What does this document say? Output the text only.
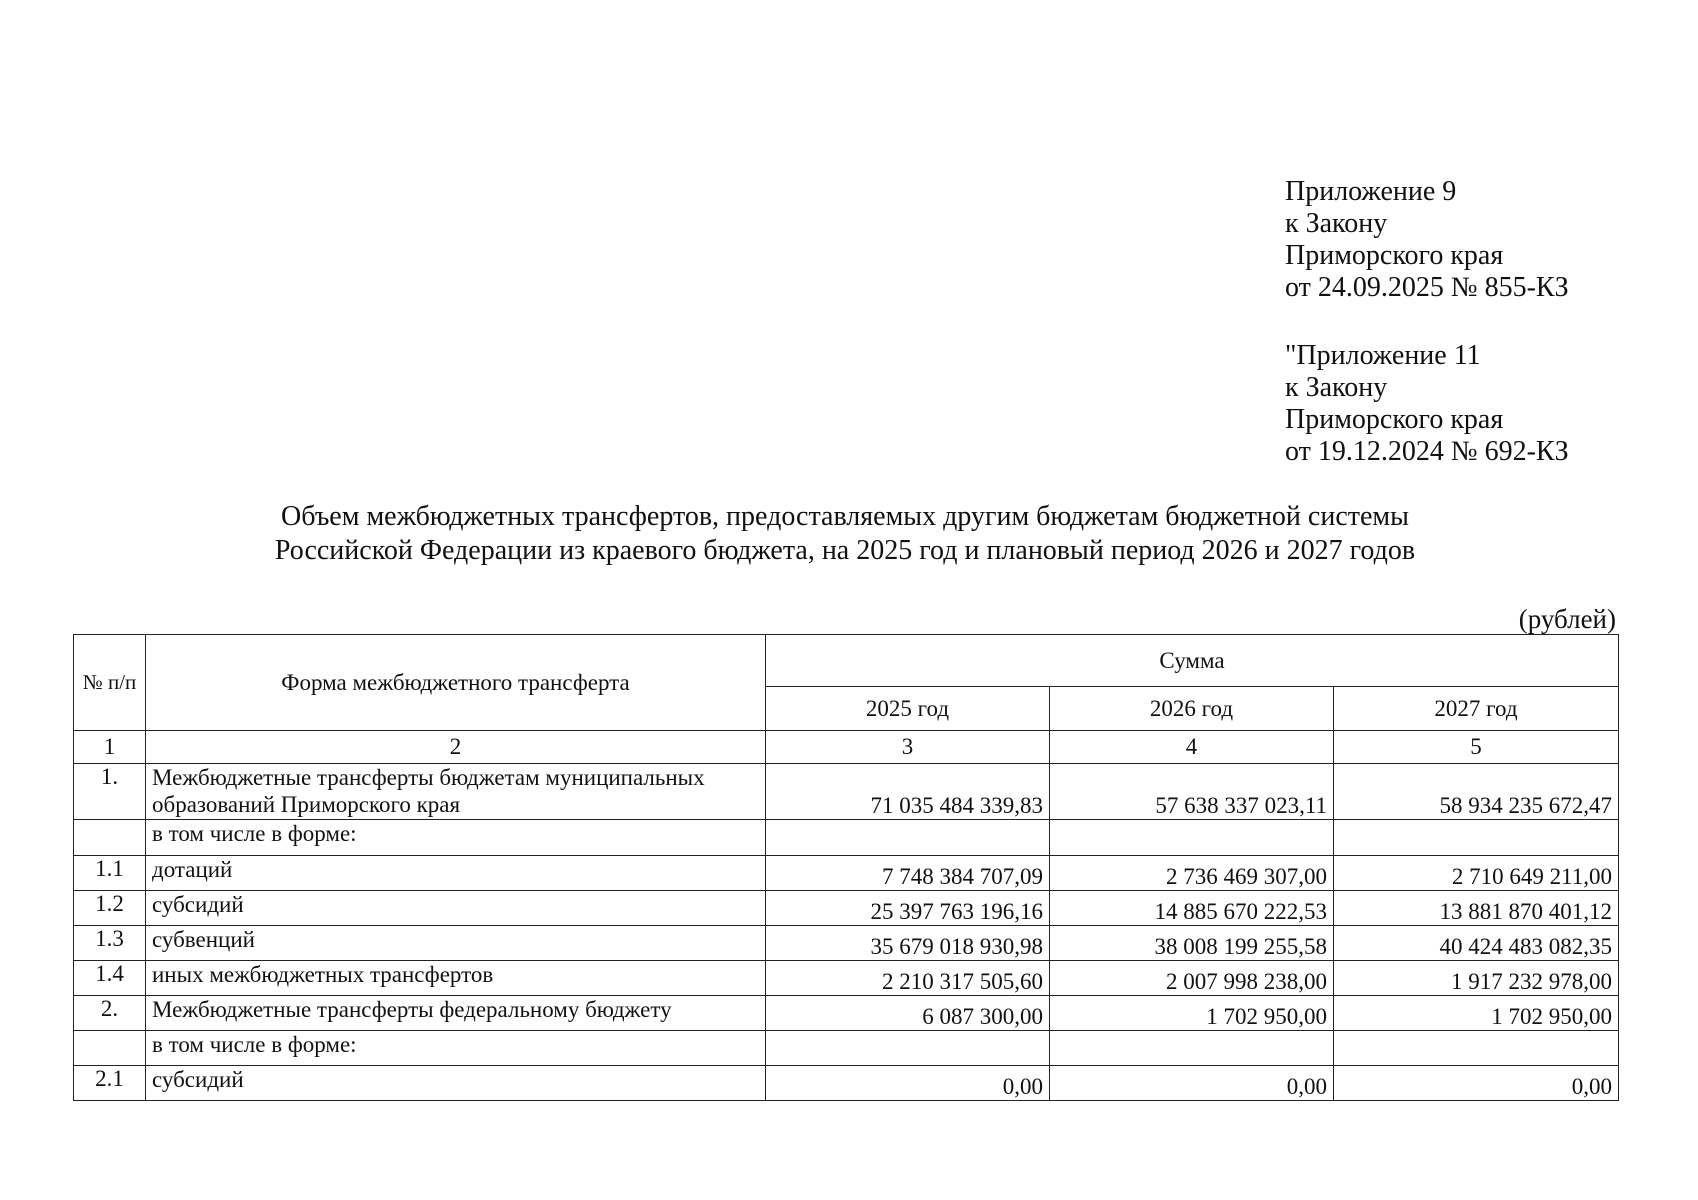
Приложение 9
к Закону
Приморского края
от 24.09.2025 № 855-КЗ
"Приложение 11
к Закону
Приморского края
от 19.12.2024 № 692-КЗ
Объем межбюджетных трансфертов, предоставляемых другим бюджетам бюджетной системы
Российской Федерации из краевого бюджета, на 2025 год и плановый период 2026 и 2027 годов
(рублей)
№ п/п	Форма межбюджетного трансферта	Сумма		
		2025 год	2026 год	2027 год
1	2	3	4	5
1.	Межбюджетные трансферты бюджетам муниципальных образований Приморского края	71 035 484 339,83	57 638 337 023,11	58 934 235 672,47
	в том числе в форме:			
1.1	дотаций	7 748 384 707,09	2 736 469 307,00	2 710 649 211,00
1.2	субсидий	25 397 763 196,16	14 885 670 222,53	13 881 870 401,12
1.3	субвенций	35 679 018 930,98	38 008 199 255,58	40 424 483 082,35
1.4	иных межбюджетных трансфертов	2 210 317 505,60	2 007 998 238,00	1 917 232 978,00
2.	Межбюджетные трансферты федеральному бюджету	6 087 300,00	1 702 950,00	1 702 950,00
	в том числе в форме:			
2.1	субсидий	0,00	0,00	0,00
